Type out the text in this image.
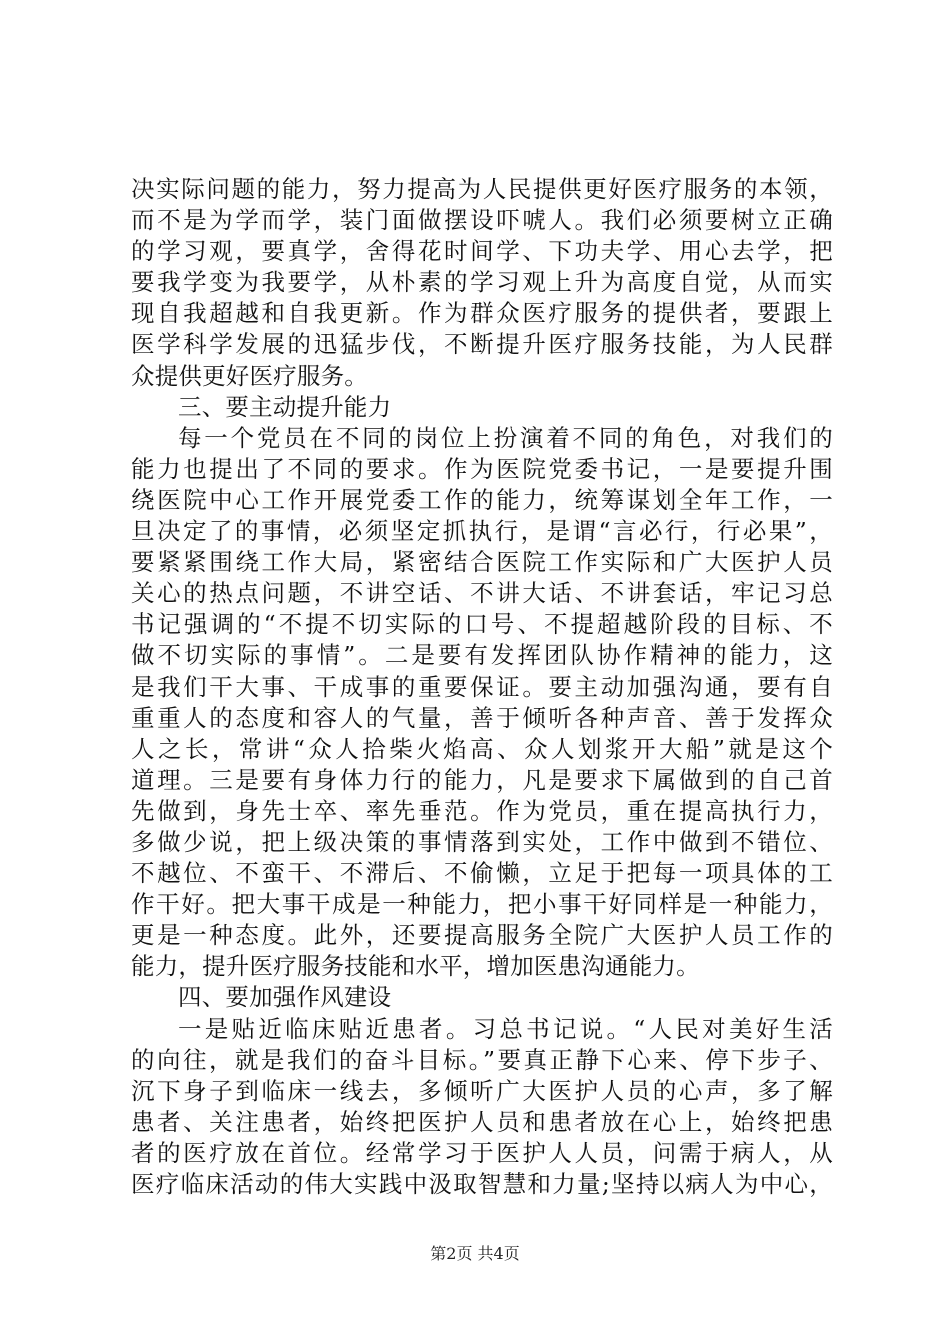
决实际问题的能力，努力提高为人民提供更好医疗服务的本领，
而不是为学而学，装门面做摆设吓唬人。我们必须要树立正确
的学习观，要真学，舍得花时间学、下功夫学、用心去学，把
要我学变为我要学，从朴素的学习观上升为高度自觉，从而实
现自我超越和自我更新。作为群众医疗服务的提供者，要跟上
医学科学发展的迅猛步伐，不断提升医疗服务技能，为人民群
众提供更好医疗服务。
三、要主动提升能力
每一个党员在不同的岗位上扮演着不同的角色，对我们的
能力也提出了不同的要求。作为医院党委书记，一是要提升围
绕医院中心工作开展党委工作的能力，统筹谋划全年工作，一
旦决定了的事情，必须坚定抓执行，是谓“言必行，行必果”，
要紧紧围绕工作大局，紧密结合医院工作实际和广大医护人员
关心的热点问题，不讲空话、不讲大话、不讲套话，牢记习总
书记强调的“不提不切实际的口号、不提超越阶段的目标、不
做不切实际的事情”。二是要有发挥团队协作精神的能力，这
是我们干大事、干成事的重要保证。要主动加强沟通，要有自
重重人的态度和容人的气量，善于倾听各种声音、善于发挥众
人之长，常讲“众人拾柴火焰高、众人划浆开大船”就是这个
道理。三是要有身体力行的能力，凡是要求下属做到的自己首
先做到，身先士卒、率先垂范。作为党员，重在提高执行力，
多做少说，把上级决策的事情落到实处，工作中做到不错位、
不越位、不蛮干、不滞后、不偷懒，立足于把每一项具体的工
作干好。把大事干成是一种能力，把小事干好同样是一种能力，
更是一种态度。此外，还要提高服务全院广大医护人员工作的
能力，提升医疗服务技能和水平，增加医患沟通能力。
四、要加强作风建设
一是贴近临床贴近患者。习总书记说。“人民对美好生活
的向往，就是我们的奋斗目标。”要真正静下心来、停下步子、
沉下身子到临床一线去，多倾听广大医护人员的心声，多了解
患者、关注患者，始终把医护人员和患者放在心上，始终把患
者的医疗放在首位。经常学习于医护人人员，问需于病人，从
医疗临床活动的伟大实践中汲取智慧和力量;坚持以病人为中心，
第2页 共4页
